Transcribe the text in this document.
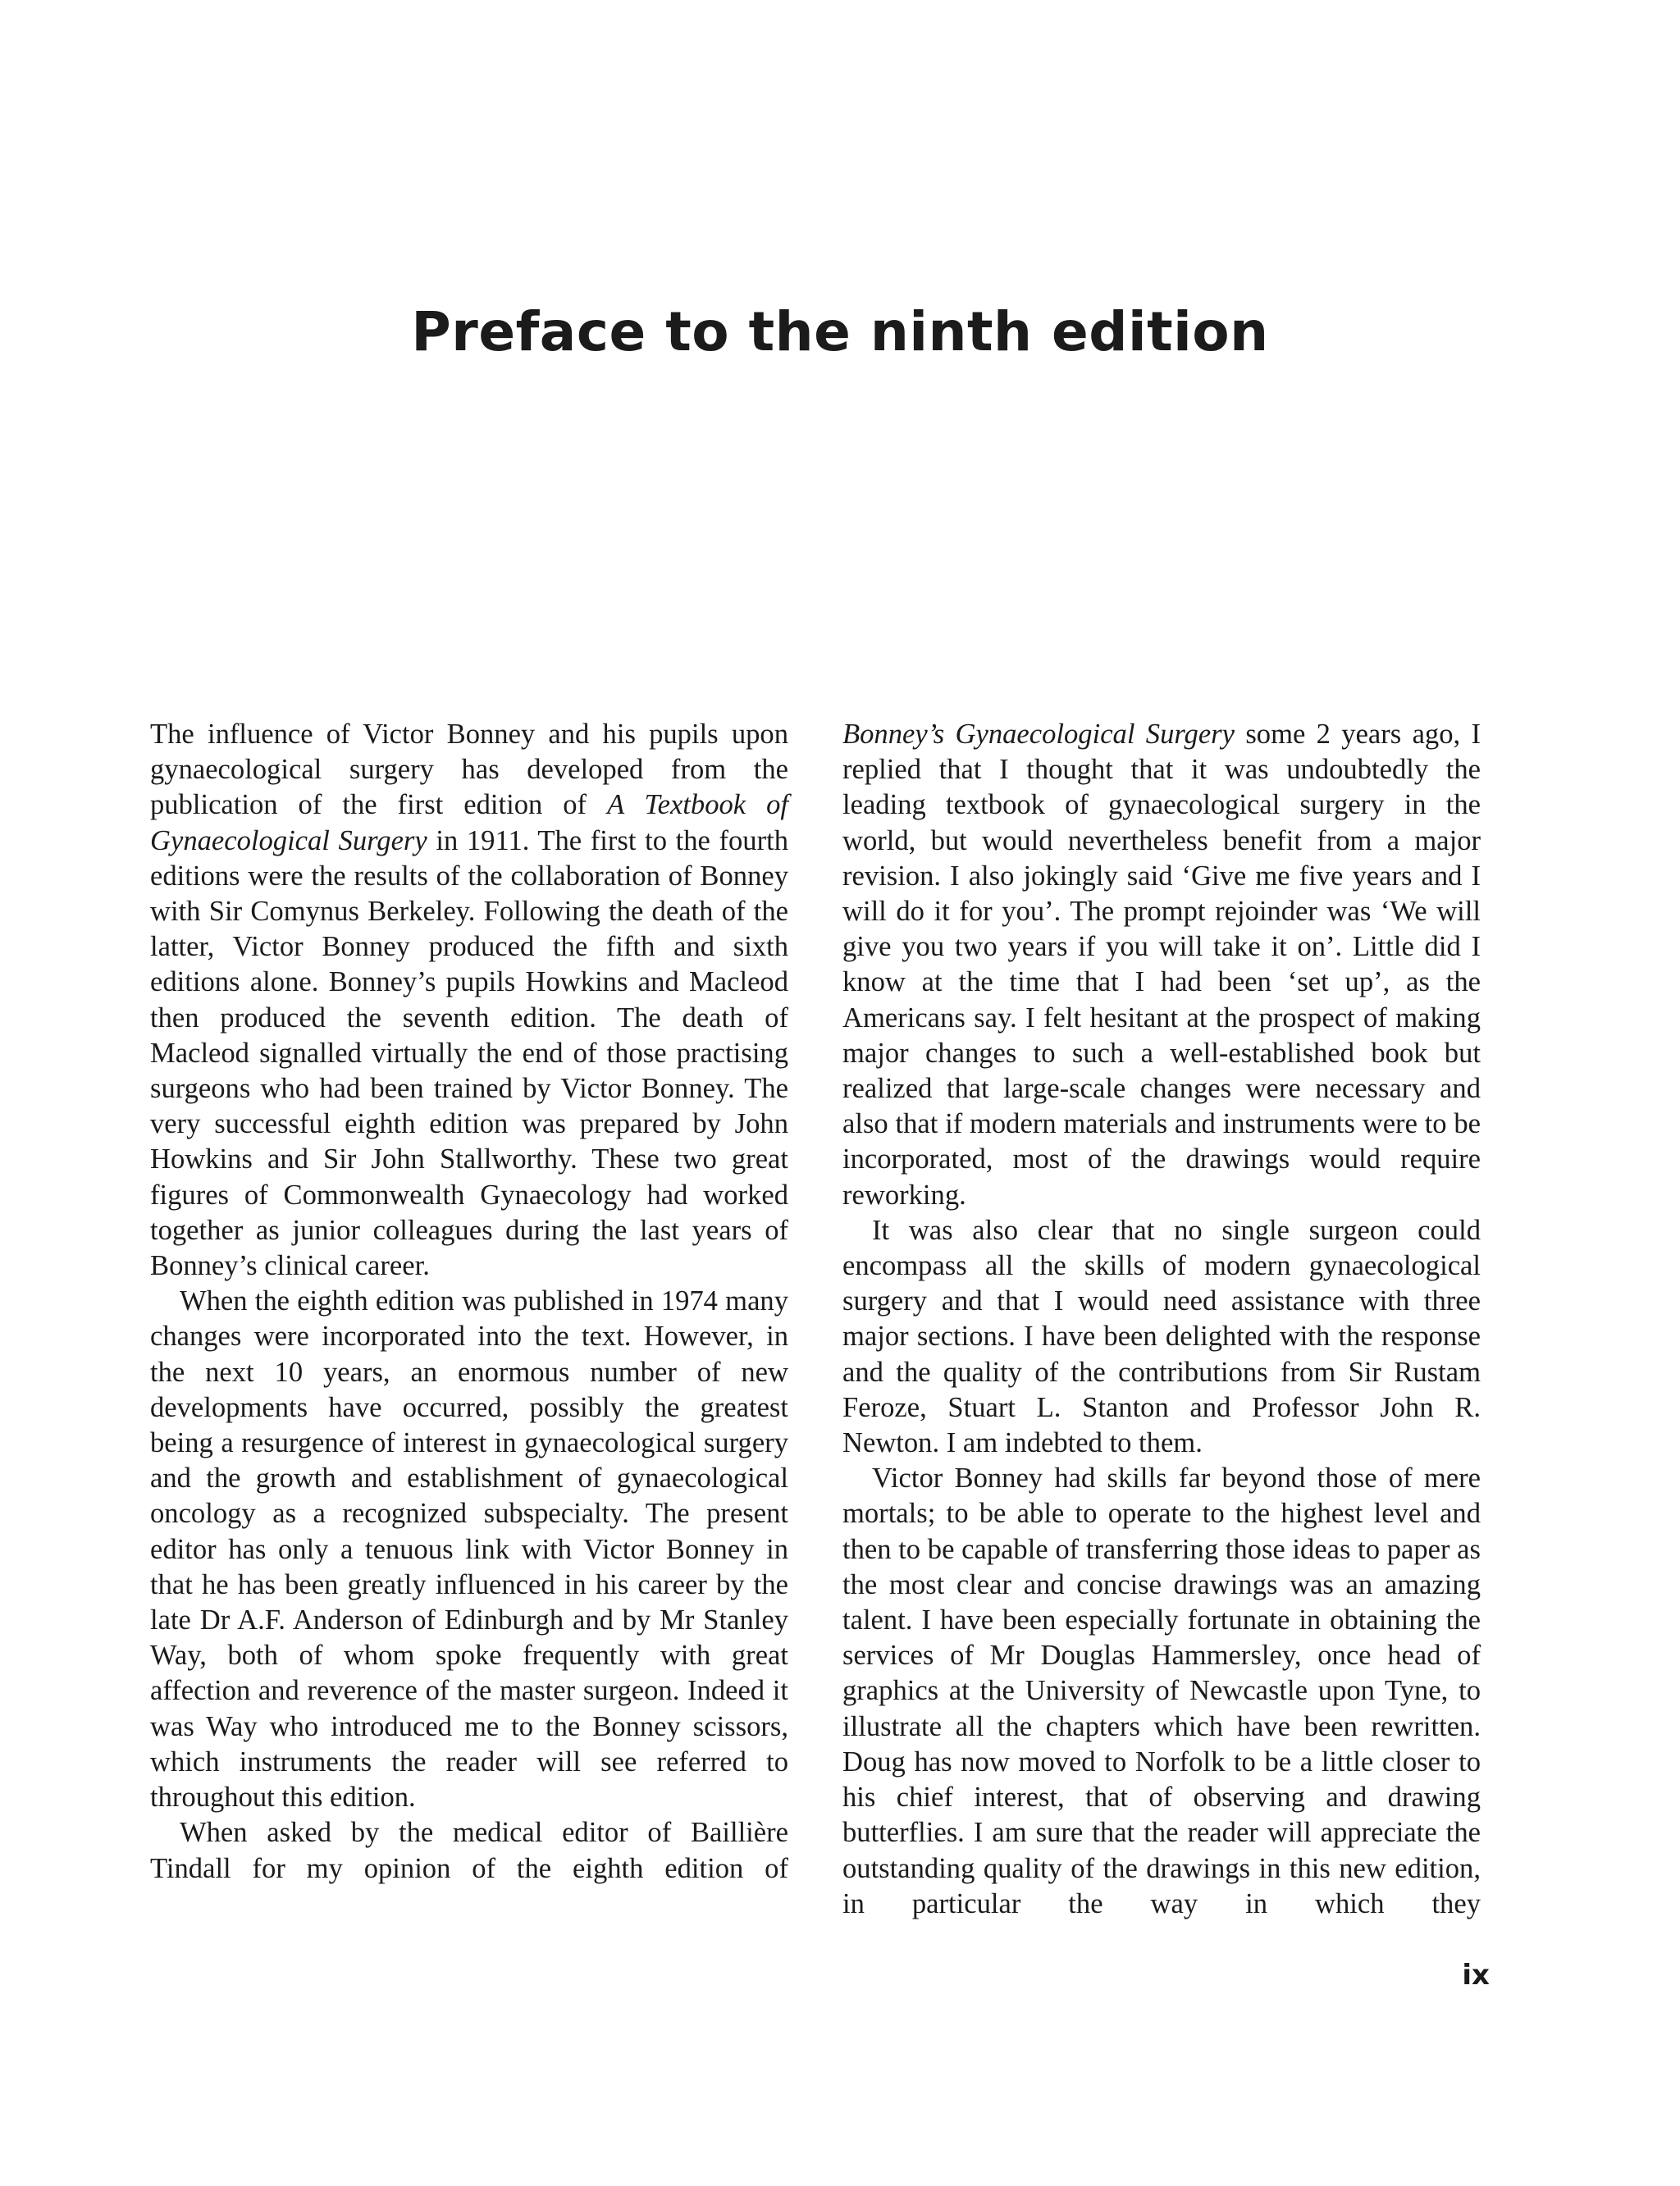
Preface to the ninth edition

The influence of Victor Bonney and his pupils upon gynaecological surgery has developed from the publication of the first edition of A Textbook of Gynaecological Surgery in 1911. The first to the fourth editions were the results of the collaboration of Bonney with Sir Comynus Berkeley. Following the death of the latter, Victor Bonney produced the fifth and sixth editions alone. Bonney’s pupils Howkins and Macleod then produced the seventh edition. The death of Macleod signalled virtually the end of those practising surgeons who had been trained by Victor Bonney. The very successful eighth edition was prepared by John Howkins and Sir John Stallworthy. These two great figures of Commonwealth Gynaecology had worked together as junior colleagues during the last years of Bonney’s clinical career.

When the eighth edition was published in 1974 many changes were incorporated into the text. However, in the next 10 years, an enormous number of new developments have occurred, possibly the greatest being a resurgence of interest in gynaecological surgery and the growth and establishment of gynaecological oncology as a recognized subspecialty. The present editor has only a tenuous link with Victor Bonney in that he has been greatly influenced in his career by the late Dr A.F. Anderson of Edinburgh and by Mr Stanley Way, both of whom spoke frequently with great affection and reverence of the master surgeon. Indeed it was Way who introduced me to the Bonney scissors, which instruments the reader will see referred to throughout this edition.

When asked by the medical editor of Baillière Tindall for my opinion of the eighth edition of

Bonney’s Gynaecological Surgery some 2 years ago, I replied that I thought that it was undoubtedly the leading textbook of gynaecological surgery in the world, but would nevertheless benefit from a major revision. I also jokingly said ‘Give me five years and I will do it for you’. The prompt rejoinder was ‘We will give you two years if you will take it on’. Little did I know at the time that I had been ‘set up’, as the Americans say. I felt hesitant at the prospect of making major changes to such a well-established book but realized that large-scale changes were necessary and also that if modern materials and instruments were to be incorporated, most of the drawings would require reworking.

It was also clear that no single surgeon could encompass all the skills of modern gynaecological surgery and that I would need assistance with three major sections. I have been delighted with the response and the quality of the contributions from Sir Rustam Feroze, Stuart L. Stanton and Professor John R. Newton. I am indebted to them.

Victor Bonney had skills far beyond those of mere mortals; to be able to operate to the highest level and then to be capable of transferring those ideas to paper as the most clear and concise drawings was an amazing talent. I have been especially fortunate in obtaining the services of Mr Douglas Hammersley, once head of graphics at the University of Newcastle upon Tyne, to illustrate all the chapters which have been rewritten. Doug has now moved to Norfolk to be a little closer to his chief interest, that of observing and drawing butterflies. I am sure that the reader will appreciate the outstanding quality of the drawings in this new edition, in particular the way in which they

ix
